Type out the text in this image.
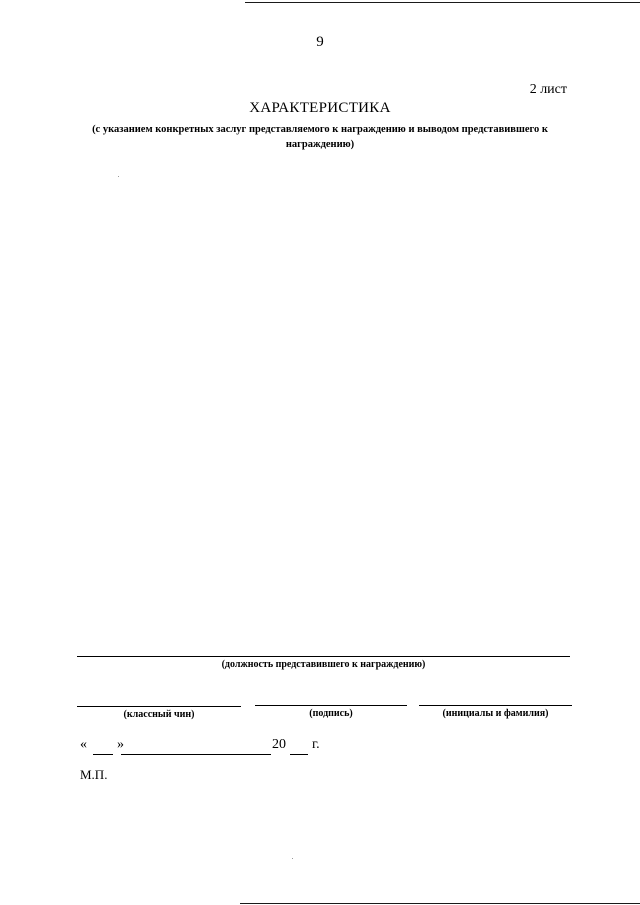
9
2 лист
ХАРАКТЕРИСТИКА
(с указанием конкретных заслуг представляемого к награждению и выводом представившего к награждению)
(должность представившего к награждению)
(классный чин)	(подпись)	(инициалы и фамилия)
« »	20 г.
М.П.
